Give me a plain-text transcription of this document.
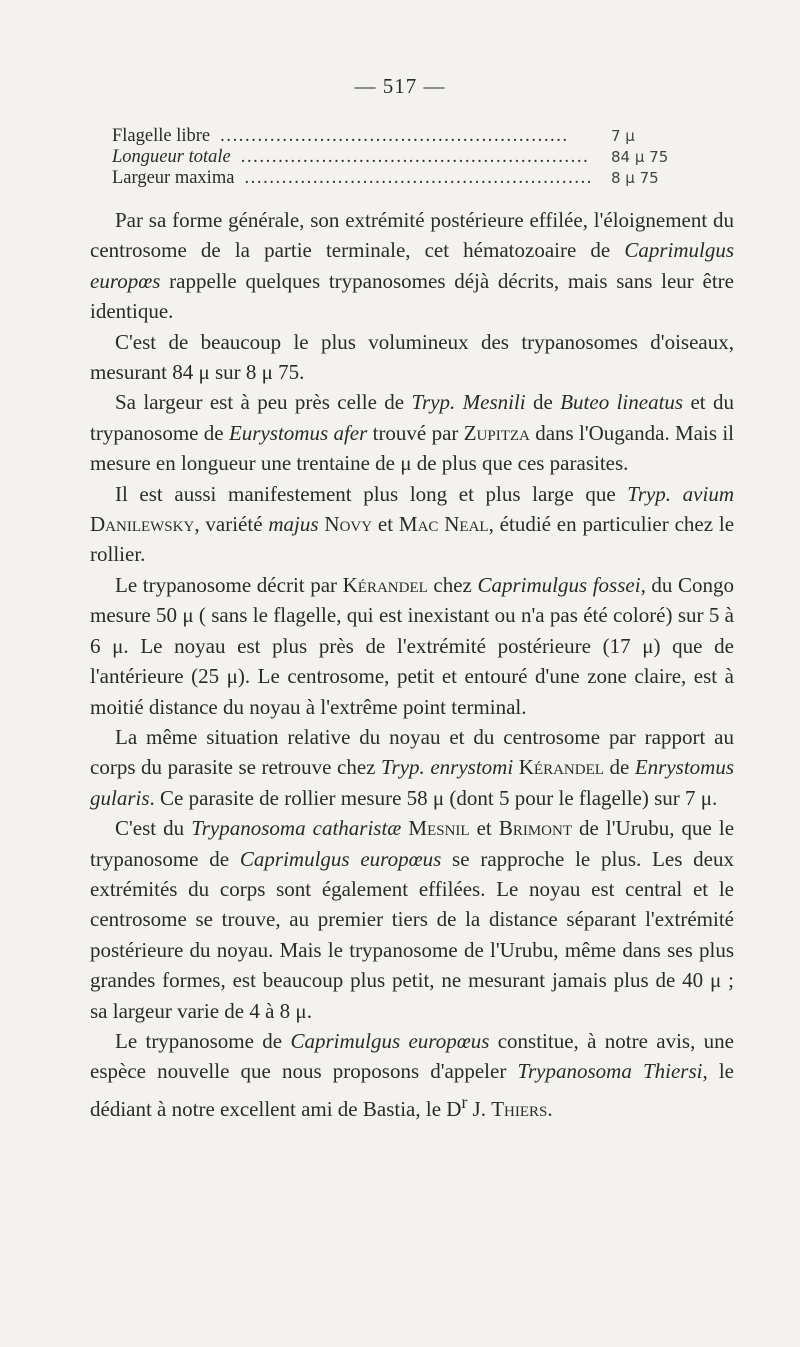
— 517 —
Flagelle libre ........................................................	7 μ
Longueur totale ........................................................	84 μ 75
Largeur maxima ........................................................ 8 μ 75

Par sa forme générale, son extrémité postérieure effilée, l'éloignement du centrosome de la partie terminale, cet hématozoaire de Caprimulgus europœs rappelle quelques trypanosomes déjà décrits, mais sans leur être identique.

C'est de beaucoup le plus volumineux des trypanosomes d'oiseaux, mesurant 84 μ sur 8 μ 75.

Sa largeur est à peu près celle de Tryp. Mesnili de Buteo lineatus et du trypanosome de Eurystomus afer trouvé par Zupitza dans l'Ouganda. Mais il mesure en longueur une trentaine de μ de plus que ces parasites.

Il est aussi manifestement plus long et plus large que Tryp. avium Danilewsky, variété majus Novy et Mac Neal, étudié en particulier chez le rollier.

Le trypanosome décrit par Kérandel chez Caprimulgus fossei, du Congo mesure 50 μ ( sans le flagelle, qui est inexistant ou n'a pas été coloré) sur 5 à 6 μ. Le noyau est plus près de l'extrémité postérieure (17 μ) que de l'antérieure (25 μ). Le centrosome, petit et entouré d'une zone claire, est à moitié distance du noyau à l'extrême point terminal.

La même situation relative du noyau et du centrosome par rapport au corps du parasite se retrouve chez Tryp. enrystomi Kérandel de Enrystomus gularis. Ce parasite de rollier mesure 58 μ (dont 5 pour le flagelle) sur 7 μ.

C'est du Trypanosoma catharistæ Mesnil et Brimont de l'Urubu, que le trypanosome de Caprimulgus europœus se rapproche le plus. Les deux extrémités du corps sont également effilées. Le noyau est central et le centrosome se trouve, au premier tiers de la distance séparant l'extrémité postérieure du noyau. Mais le trypanosome de l'Urubu, même dans ses plus grandes formes, est beaucoup plus petit, ne mesurant jamais plus de 40 μ ; sa largeur varie de 4 à 8 μ.

Le trypanosome de Caprimulgus europœus constitue, à notre avis, une espèce nouvelle que nous proposons d'appeler Trypanosoma Thiersi, le dédiant à notre excellent ami de Bastia, le $D^r$ J. Thiers.
